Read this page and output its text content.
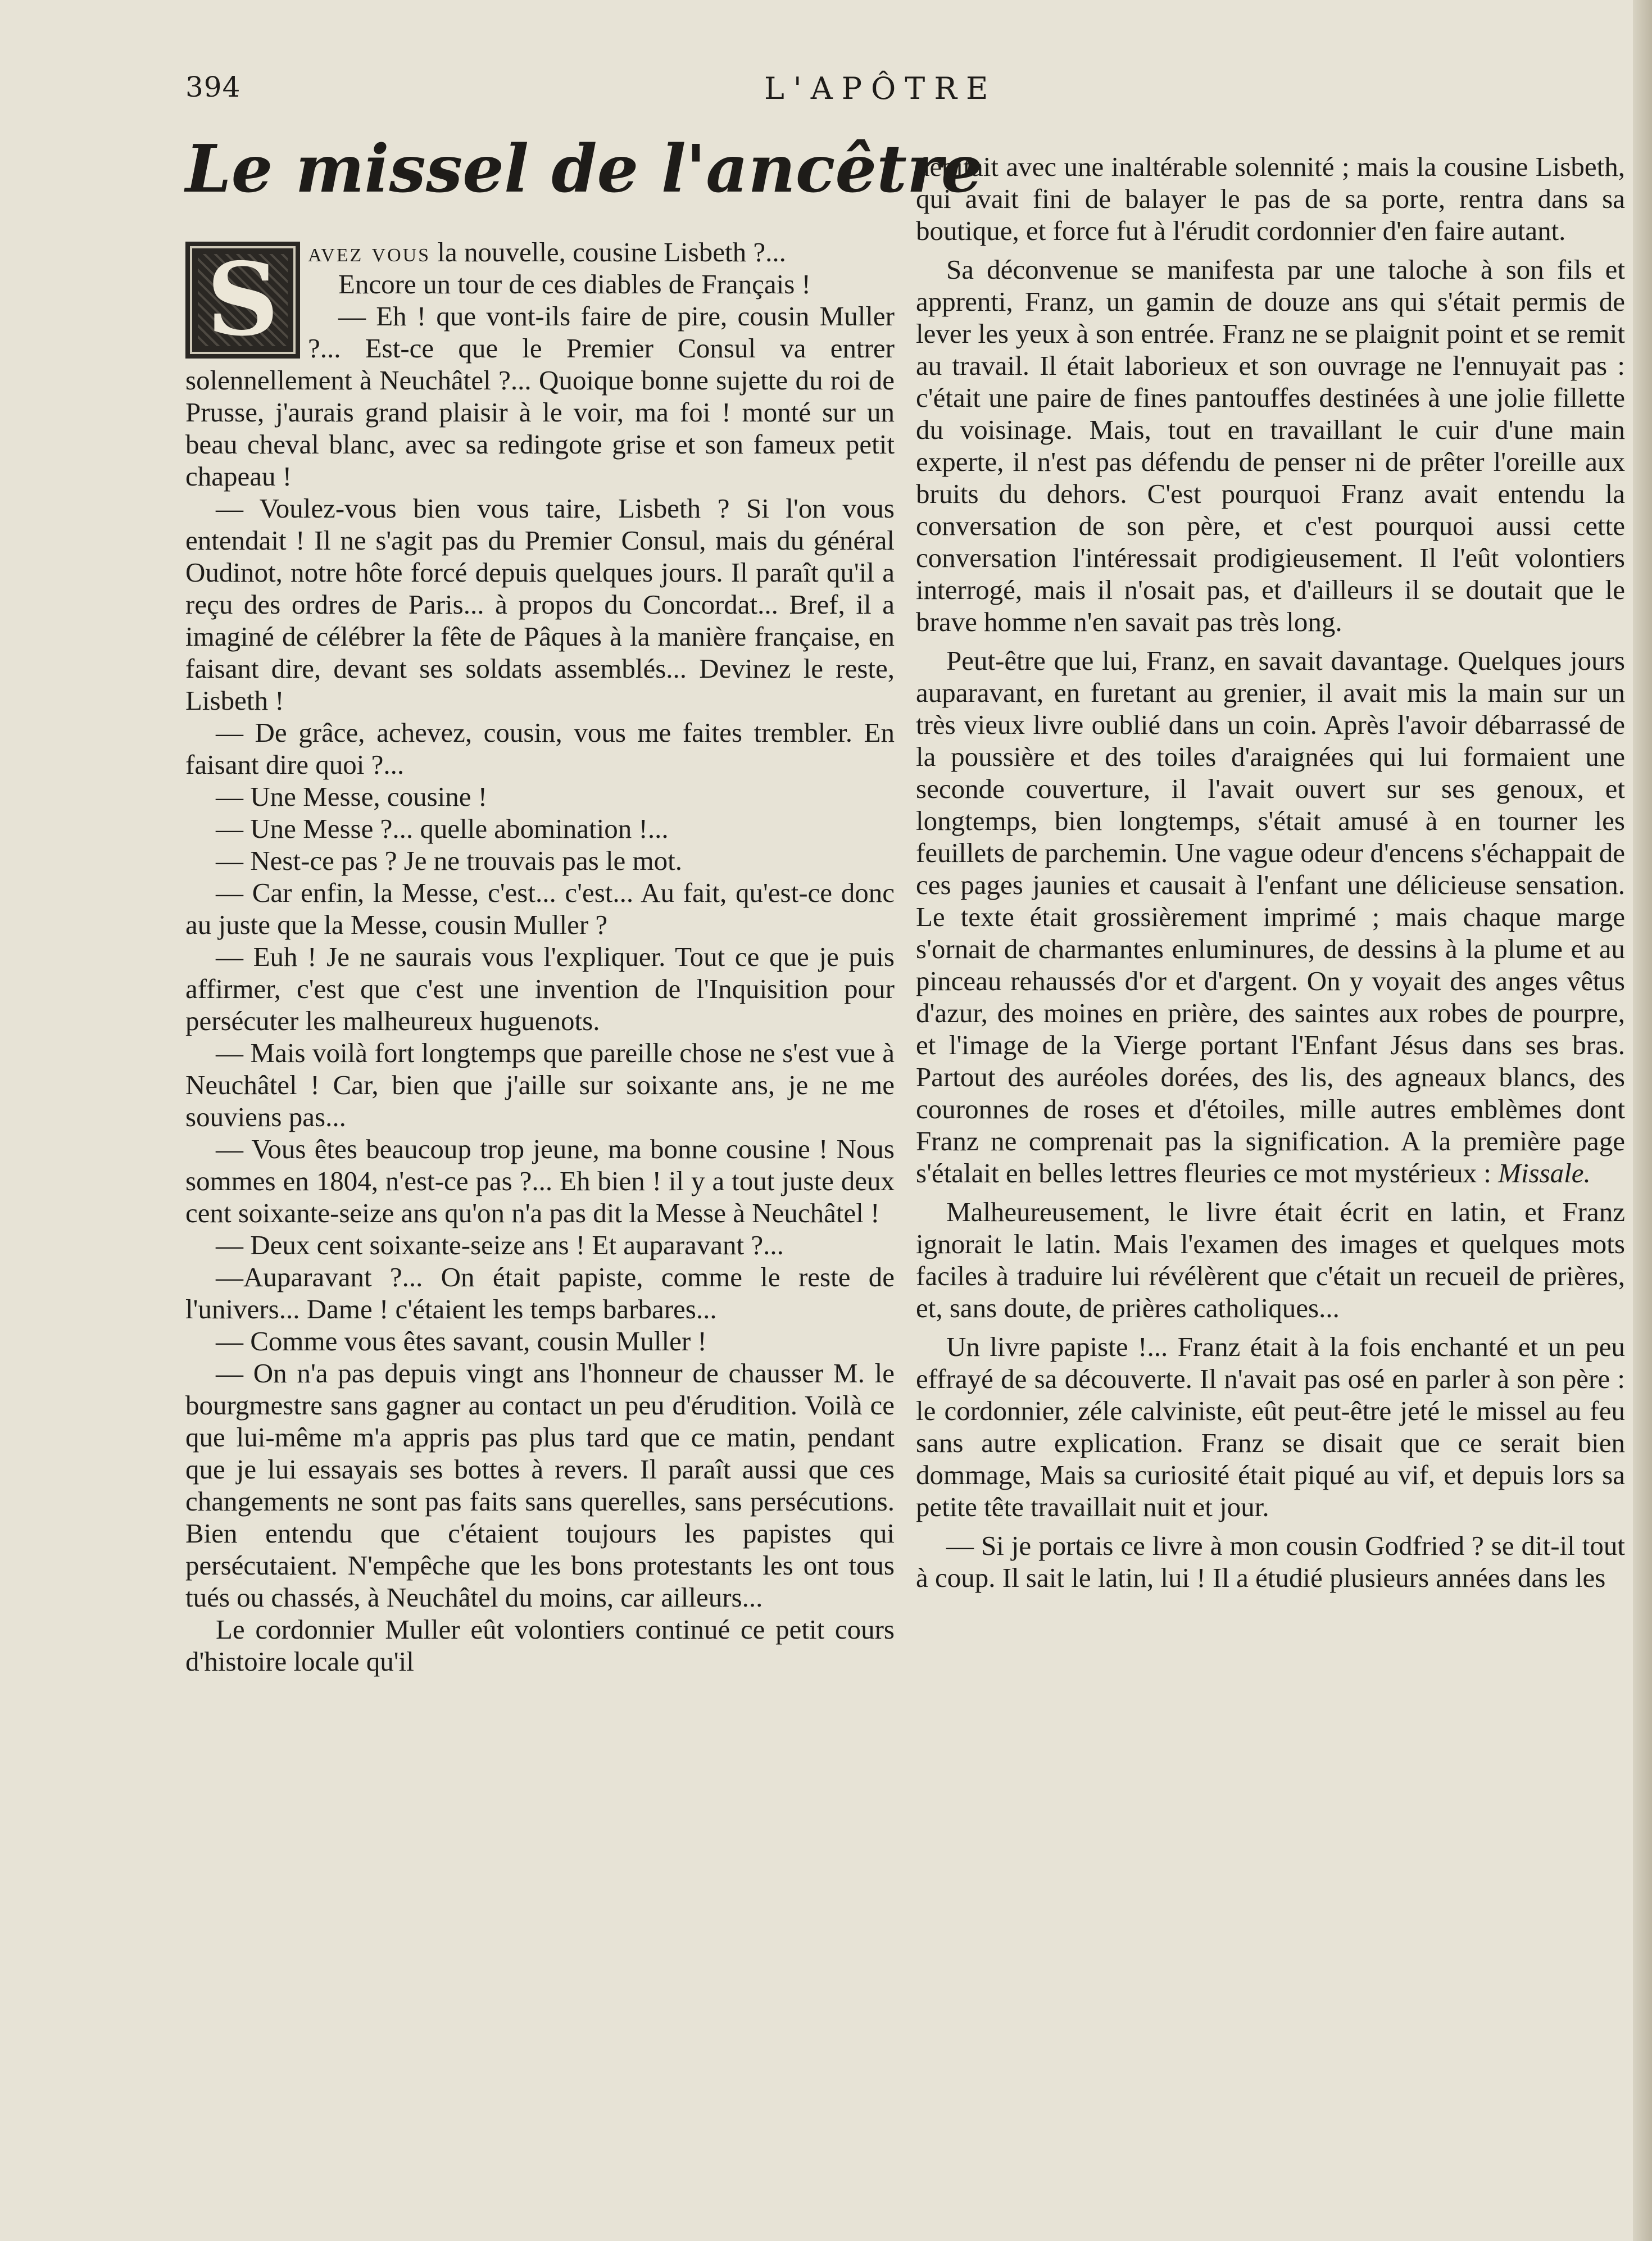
394	L'APÔTRE
Le missel de l'ancêtre
S	avez vous la nouvelle, cousine Lisbeth ?...

Encore un tour de ces diables de Français !

— Eh ! que vont-ils faire de pire, cousin Muller ?... Est-ce que le Premier Consul va entrer solennellement à Neuchâtel ?... Quoique bonne sujette du roi de Prusse, j'aurais grand plaisir à le voir, ma foi ! monté sur un beau cheval blanc, avec sa redingote grise et son fameux petit chapeau !

— Voulez-vous bien vous taire, Lisbeth ? Si l'on vous entendait ! Il ne s'agit pas du Premier Consul, mais du général Oudinot, notre hôte forcé depuis quelques jours. Il paraît qu'il a reçu des ordres de Paris... à propos du Concordat... Bref, il a imaginé de célébrer la fête de Pâques à la manière française, en faisant dire, devant ses soldats assemblés... Devinez le reste, Lisbeth !

— De grâce, achevez, cousin, vous me faites trembler. En faisant dire quoi ?...

— Une Messe, cousine !

— Une Messe ?... quelle abomination !...

— Nest-ce pas ? Je ne trouvais pas le mot.

— Car enfin, la Messe, c'est... c'est... Au fait, qu'est-ce donc au juste que la Messe, cousin Muller ?

— Euh ! Je ne saurais vous l'expliquer. Tout ce que je puis affirmer, c'est que c'est une invention de l'Inquisition pour persécuter les malheureux huguenots.

— Mais voilà fort longtemps que pareille chose ne s'est vue à Neuchâtel ! Car, bien que j'aille sur soixante ans, je ne me souviens pas...

— Vous êtes beaucoup trop jeune, ma bonne cousine ! Nous sommes en 1804, n'est-ce pas ?... Eh bien ! il y a tout juste deux cent soixante-seize ans qu'on n'a pas dit la Messe à Neuchâtel !

— Deux cent soixante-seize ans ! Et auparavant ?...

—Auparavant ?... On était papiste, comme le reste de l'univers... Dame ! c'étaient les temps barbares...

— Comme vous êtes savant, cousin Muller !

— On n'a pas depuis vingt ans l'honneur de chausser M. le bourgmestre sans gagner au contact un peu d'érudition. Voilà ce que lui-même m'a appris pas plus tard que ce matin, pendant que je lui essayais ses bottes à revers. Il paraît aussi que ces changements ne sont pas faits sans querelles, sans persécutions. Bien entendu que c'étaient toujours les papistes qui persécutaient. N'empêche que les bons protestants les ont tous tués ou chassés, à Neuchâtel du moins, car ailleurs...

Le cordonnier Muller eût volontiers continué ce petit cours d'histoire locale qu'il

débitait avec une inaltérable solennité ; mais la cousine Lisbeth, qui avait fini de balayer le pas de sa porte, rentra dans sa boutique, et force fut à l'érudit cordonnier d'en faire autant.

Sa déconvenue se manifesta par une taloche à son fils et apprenti, Franz, un gamin de douze ans qui s'était permis de lever les yeux à son entrée. Franz ne se plaignit point et se remit au travail. Il était laborieux et son ouvrage ne l'ennuyait pas : c'était une paire de fines pantouffes destinées à une jolie fillette du voisinage. Mais, tout en travaillant le cuir d'une main experte, il n'est pas défendu de penser ni de prêter l'oreille aux bruits du dehors. C'est pourquoi Franz avait entendu la conversation de son père, et c'est pourquoi aussi cette conversation l'intéressait prodigieusement. Il l'eût volontiers interrogé, mais il n'osait pas, et d'ailleurs il se doutait que le brave homme n'en savait pas très long.

Peut-être que lui, Franz, en savait davantage. Quelques jours auparavant, en furetant au grenier, il avait mis la main sur un très vieux livre oublié dans un coin. Après l'avoir débarrassé de la poussière et des toiles d'araignées qui lui formaient une seconde couverture, il l'avait ouvert sur ses genoux, et longtemps, bien longtemps, s'était amusé à en tourner les feuillets de parchemin. Une vague odeur d'encens s'échappait de ces pages jaunies et causait à l'enfant une délicieuse sensation. Le texte était grossièrement imprimé ; mais chaque marge s'ornait de charmantes enluminures, de dessins à la plume et au pinceau rehaussés d'or et d'argent. On y voyait des anges vêtus d'azur, des moines en prière, des saintes aux robes de pourpre, et l'image de la Vierge portant l'Enfant Jésus dans ses bras. Partout des auréoles dorées, des lis, des agneaux blancs, des couronnes de roses et d'étoiles, mille autres emblèmes dont Franz ne comprenait pas la signification. A la première page s'étalait en belles lettres fleuries ce mot mystérieux : Missale.

Malheureusement, le livre était écrit en latin, et Franz ignorait le latin. Mais l'examen des images et quelques mots faciles à traduire lui révélèrent que c'était un recueil de prières, et, sans doute, de prières catholiques...

Un livre papiste !... Franz était à la fois enchanté et un peu effrayé de sa découverte. Il n'avait pas osé en parler à son père : le cordonnier, zéle calviniste, eût peut-être jeté le missel au feu sans autre explication. Franz se disait que ce serait bien dommage, Mais sa curiosité était piqué au vif, et depuis lors sa petite tête travaillait nuit et jour.

— Si je portais ce livre à mon cousin Godfried ? se dit-il tout à coup. Il sait le latin, lui ! Il a étudié plusieurs années dans les
